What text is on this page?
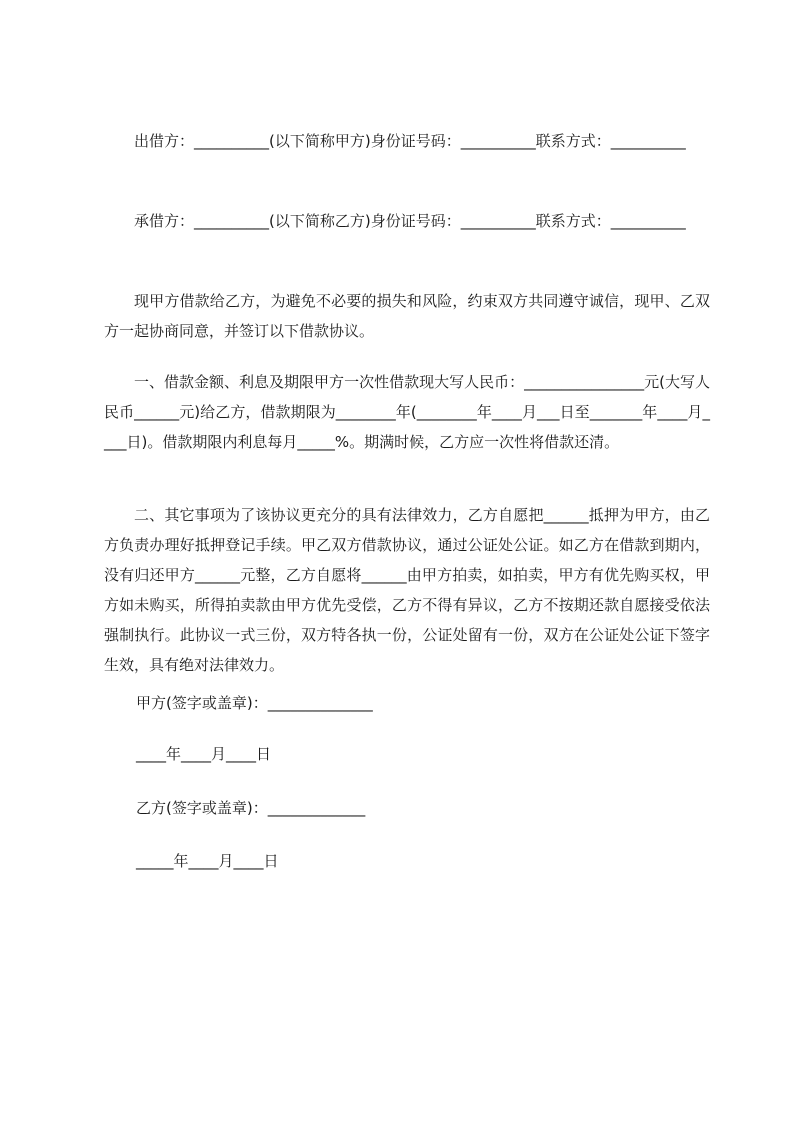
出借方：__________(以下简称甲方)身份证号码：__________联系方式：__________

承借方：__________(以下简称乙方)身份证号码：__________联系方式：__________

现甲方借款给乙方，为避免不必要的损失和风险，约束双方共同遵守诚信，现甲、乙双方一起协商同意，并签订以下借款协议。

一、借款金额、利息及期限甲方一次性借款现大写人民币：________________元(大写人民币______元)给乙方，借款期限为________年(________年____月___日至_______年____月____日)。借款期限内利息每月_____%。期满时候，乙方应一次性将借款还清。

二、其它事项为了该协议更充分的具有法律效力，乙方自愿把______抵押为甲方，由乙方负责办理好抵押登记手续。甲乙双方借款协议，通过公证处公证。如乙方在借款到期内，没有归还甲方______元整，乙方自愿将______由甲方拍卖，如拍卖，甲方有优先购买权，甲方如未购买，所得拍卖款由甲方优先受偿，乙方不得有异议，乙方不按期还款自愿接受依法强制执行。此协议一式三份，双方特各执一份，公证处留有一份，双方在公证处公证下签字生效，具有绝对法律效力。

甲方(签字或盖章)：______________

____年____月____日

乙方(签字或盖章)：_____________

_____年____月____日
